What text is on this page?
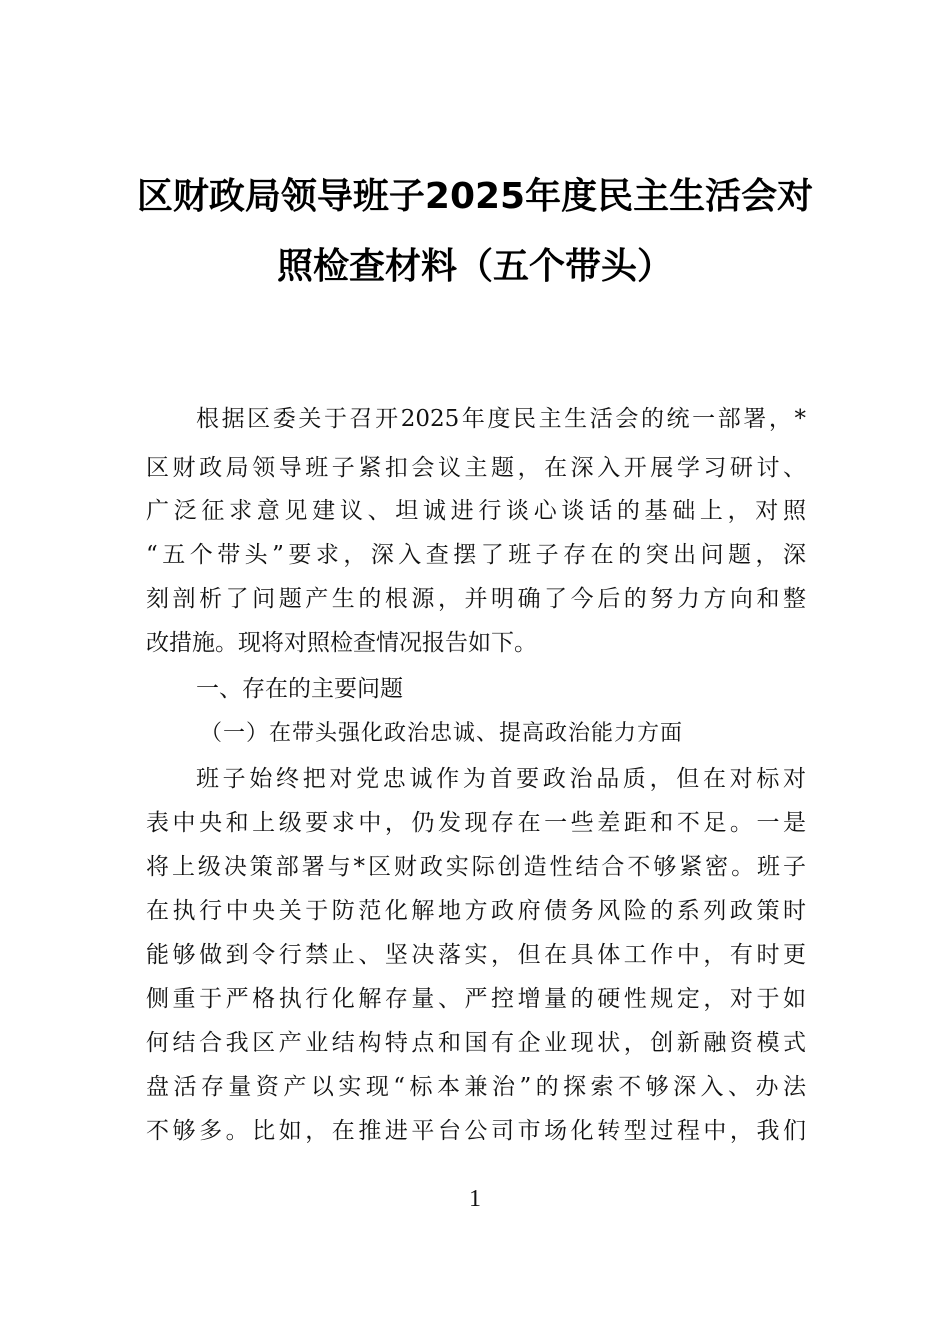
区财政局领导班子2025年度民主生活会对
照检查材料（五个带头）
根据区委关于召开2025年度民主生活会的统一部署，*
区财政局领导班子紧扣会议主题，在深入开展学习研讨、
广泛征求意见建议、坦诚进行谈心谈话的基础上，对照
“五个带头”要求，深入查摆了班子存在的突出问题，深
刻剖析了问题产生的根源，并明确了今后的努力方向和整
改措施。现将对照检查情况报告如下。
一、存在的主要问题
（一）在带头强化政治忠诚、提高政治能力方面
班子始终把对党忠诚作为首要政治品质，但在对标对
表中央和上级要求中，仍发现存在一些差距和不足。一是
将上级决策部署与*区财政实际创造性结合不够紧密。班子
在执行中央关于防范化解地方政府债务风险的系列政策时
能够做到令行禁止、坚决落实，但在具体工作中，有时更
侧重于严格执行化解存量、严控增量的硬性规定，对于如
何结合我区产业结构特点和国有企业现状，创新融资模式
盘活存量资产以实现“标本兼治”的探索不够深入、办法
不够多。比如，在推进平台公司市场化转型过程中，我们
1
